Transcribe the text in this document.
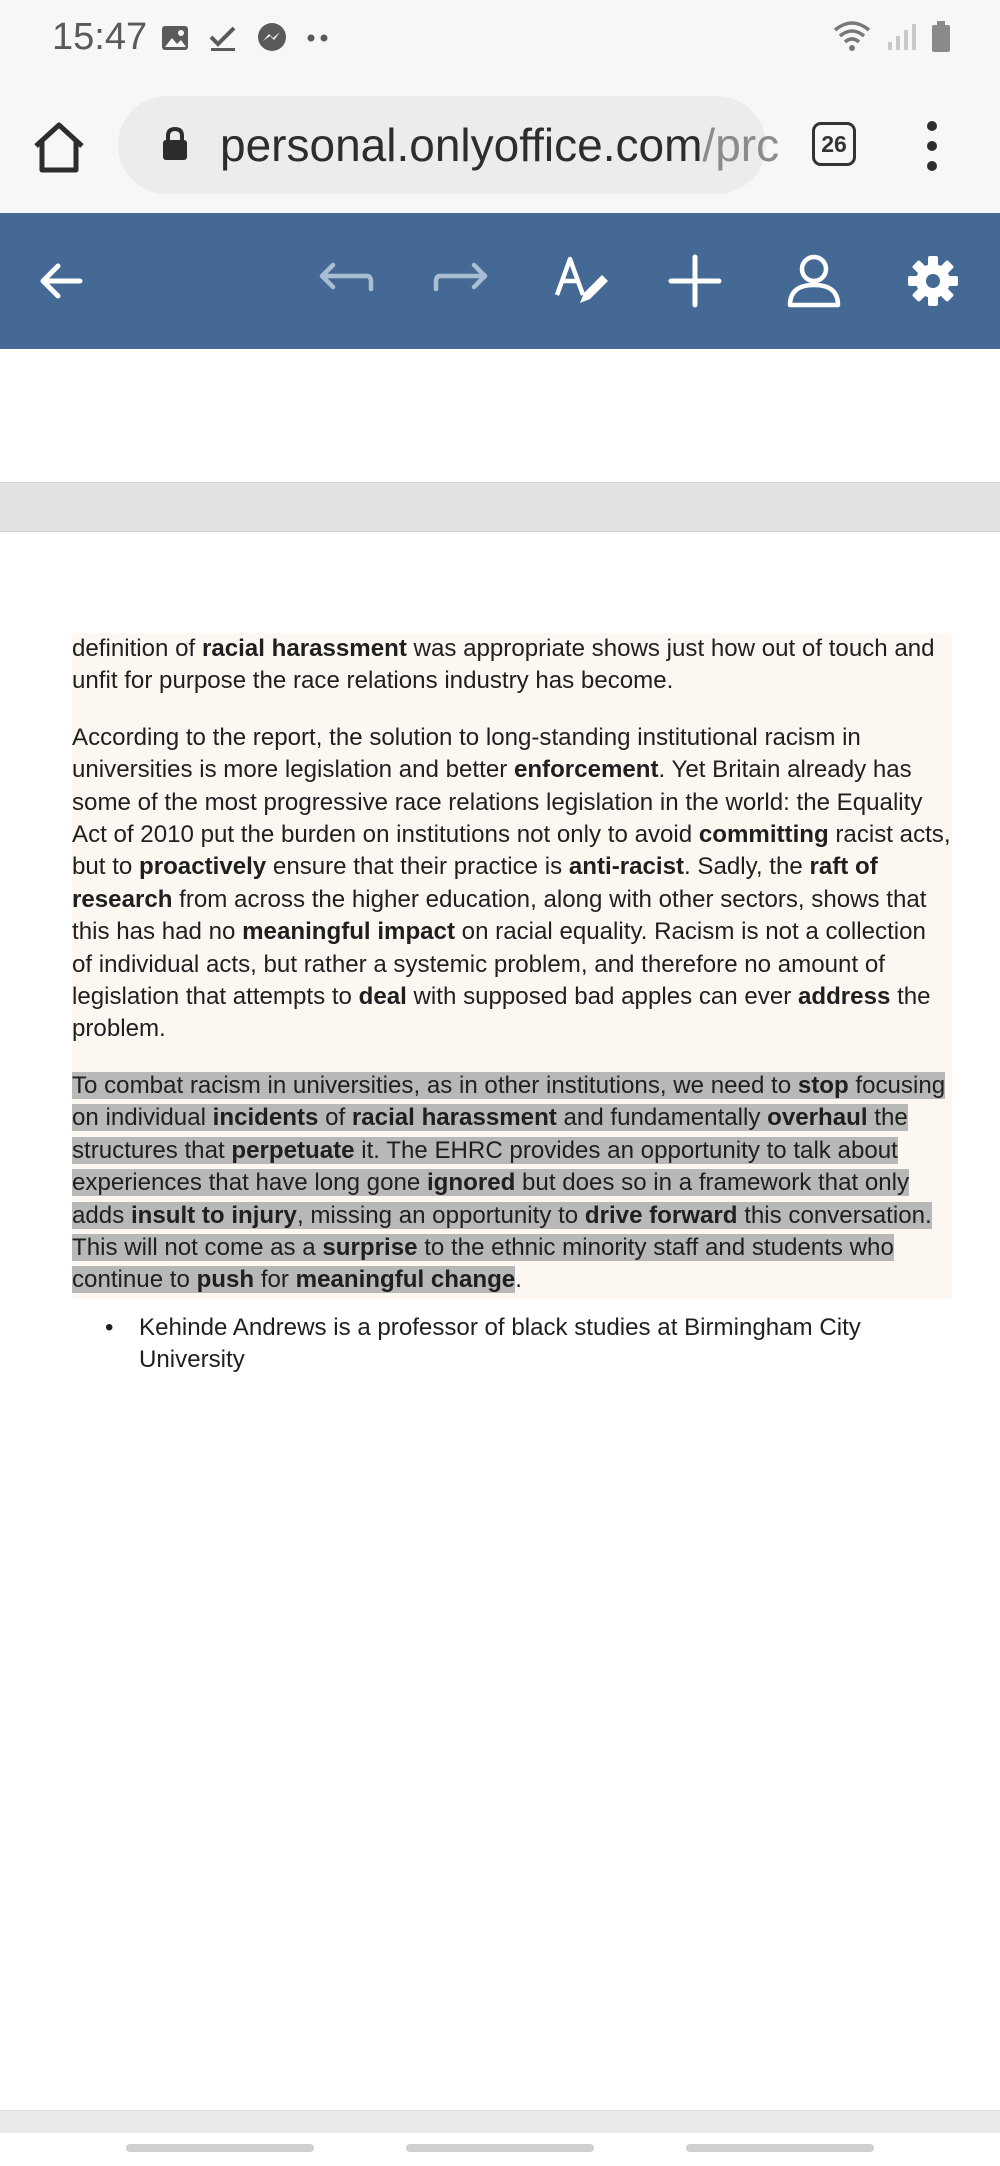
15:47
personal.onlyoffice.com/prc	26

definition of racial harassment was appropriate shows just how out of touch and unfit for purpose the race relations industry has become.

According to the report, the solution to long-standing institutional racism in universities is more legislation and better enforcement. Yet Britain already has some of the most progressive race relations legislation in the world: the Equality Act of 2010 put the burden on institutions not only to avoid committing racist acts, but to proactively ensure that their practice is anti-racist. Sadly, the raft of research from across the higher education, along with other sectors, shows that this has had no meaningful impact on racial equality. Racism is not a collection of individual acts, but rather a systemic problem, and therefore no amount of legislation that attempts to deal with supposed bad apples can ever address the problem.

To combat racism in universities, as in other institutions, we need to stop focusing on individual incidents of racial harassment and fundamentally overhaul the structures that perpetuate it. The EHRC provides an opportunity to talk about experiences that have long gone ignored but does so in a framework that only adds insult to injury, missing an opportunity to drive forward this conversation. This will not come as a surprise to the ethnic minority staff and students who continue to push for meaningful change.

• Kehinde Andrews is a professor of black studies at Birmingham City University
